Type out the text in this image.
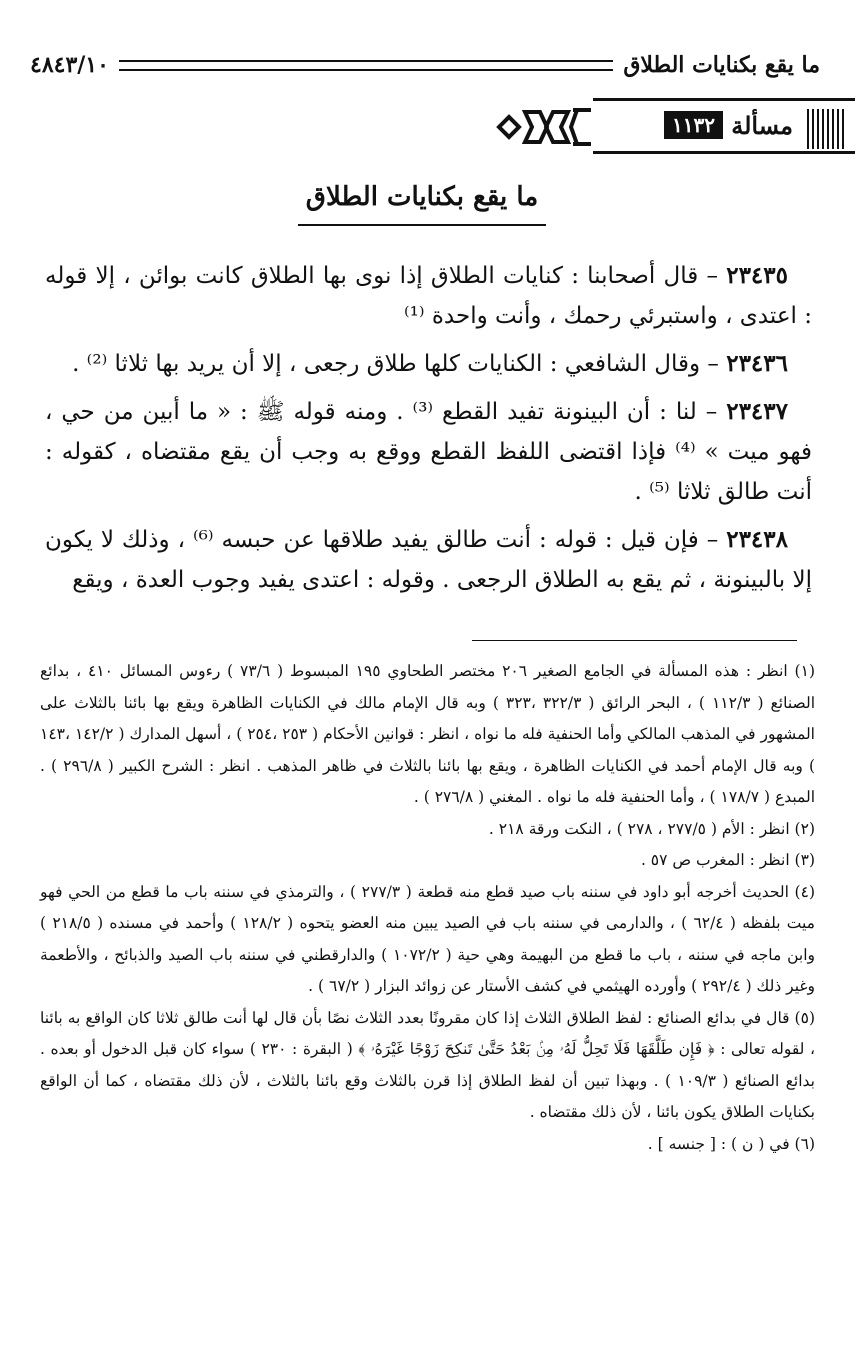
ما يقع بكنايات الطلاق
٤٨٤٣/١٠
مسألة
١١٣٢
ما يقع بكنايات الطلاق

٢٣٤٣٥ – قال أصحابنا : كنايات الطلاق إذا نوى بها الطلاق كانت بوائن ، إلا قوله : اعتدى ، واستبرئي رحمك ، وأنت واحدة ⁽¹⁾

٢٣٤٣٦ – وقال الشافعي : الكنايات كلها طلاق رجعى ، إلا أن يريد بها ثلاثا ⁽²⁾ .

٢٣٤٣٧ – لنا : أن البينونة تفيد القطع ⁽³⁾ . ومنه قوله ﷺ : « ما أبين من حي ، فهو ميت » ⁽⁴⁾ فإذا اقتضى اللفظ القطع ووقع به وجب أن يقع مقتضاه ، كقوله : أنت طالق ثلاثا ⁽⁵⁾ .

٢٣٤٣٨ – فإن قيل : قوله : أنت طالق يفيد طلاقها عن حبسه ⁽⁶⁾ ، وذلك لا يكون إلا بالبينونة ، ثم يقع به الطلاق الرجعى . وقوله : اعتدى يفيد وجوب العدة ، ويقع

(١) انظر : هذه المسألة في الجامع الصغير ٢٠٦ مختصر الطحاوي ١٩٥ المبسوط ( ٧٣/٦ ) رءوس المسائل ٤١٠ ، بدائع الصنائع ( ١١٢/٣ ) ، البحر الرائق ( ٣٢٢/٣ ،٣٢٣ ) وبه قال الإمام مالك في الكنايات الظاهرة ويقع بها بائنا بالثلاث على المشهور في المذهب المالكي وأما الحنفية فله ما نواه ، انظر : قوانين الأحكام ( ٢٥٣ ،٢٥٤ ) ، أسهل المدارك ( ١٤٢/٢ ،١٤٣ ) وبه قال الإمام أحمد في الكنايات الظاهرة ، ويقع بها بائنا بالثلاث في ظاهر المذهب . انظر : الشرح الكبير ( ٢٩٦/٨ ) . المبدع ( ١٧٨/٧ ) ، وأما الحنفية فله ما نواه . المغني ( ٢٧٦/٨ ) .

(٢) انظر : الأم ( ٢٧٧/٥ ، ٢٧٨ ) ، النكت ورقة ٢١٨ .

(٣) انظر : المغرب ص ٥٧ .

(٤) الحديث أخرجه أبو داود في سننه باب صيد قطع منه قطعة ( ٢٧٧/٣ ) ، والترمذي في سننه باب ما قطع من الحي فهو ميت بلفظه ( ٦٢/٤ ) ، والدارمى في سننه باب في الصيد يبين منه العضو يتحوه ( ١٢٨/٢ ) وأحمد في مسنده ( ٢١٨/٥ ) وابن ماجه في سننه ، باب ما قطع من البهيمة وهي حية ( ١٠٧٢/٢ ) والدارقطني في سننه باب الصيد والذبائح ، والأطعمة وغير ذلك ( ٢٩٢/٤ ) وأورده الهيثمي في كشف الأستار عن زوائد البزار ( ٦٧/٢ ) .

(٥) قال في بدائع الصنائع : لفظ الطلاق الثلاث إذا كان مقرونًا بعدد الثلاث نصًا بأن قال لها أنت طالق ثلاثا كان الواقع به بائنا ، لقوله تعالى : ﴿ فَإِن طَلَّقَهَا فَلَا تَحِلُّ لَهُۥ مِنۢ بَعْدُ حَتَّىٰ تَنكِحَ زَوْجًا غَيْرَهُۥ ﴾ ( البقرة : ٢٣٠ ) سواء كان قبل الدخول أو بعده . بدائع الصنائع ( ١٠٩/٣ ) . وبهذا تبين أن لفظ الطلاق إذا قرن بالثلاث وقع بائنا بالثلاث ، لأن ذلك مقتضاه ، كما أن الواقع بكنايات الطلاق يكون بائنا ، لأن ذلك مقتضاه .

(٦) في ( ن ) : [ جنسه ] .
